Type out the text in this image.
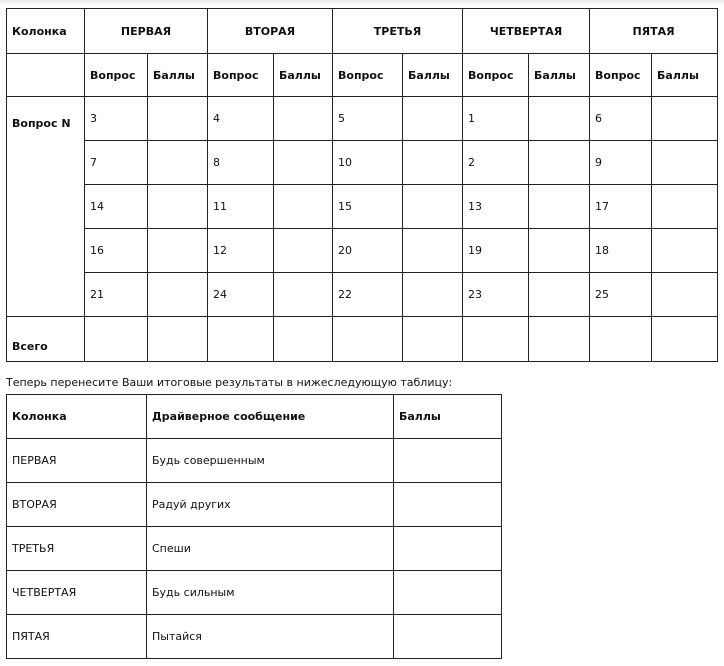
Колонка	ПЕРВАЯ		ВТОРАЯ		ТРЕТЬЯ		ЧЕТВЕРТАЯ		ПЯТАЯ	
	Вопрос	Баллы	Вопрос	Баллы	Вопрос	Баллы	Вопрос	Баллы	Вопрос	Баллы
Вопрос N	3		4		5		1		6	
	7		8		10		2		9	
	14		11		15		13		17	
	16		12		20		19		18	
	21		24		22		23		25	
Всего										
Теперь перенесите Ваши итоговые результаты в нижеследующую таблицу:
Колонка	Драйверное сообщение	Баллы
ПЕРВАЯ	Будь совершенным	
ВТОРАЯ	Радуй других	
ТРЕТЬЯ	Спеши	
ЧЕТВЕРТАЯ	Будь сильным	
ПЯТАЯ	Пытайся	
